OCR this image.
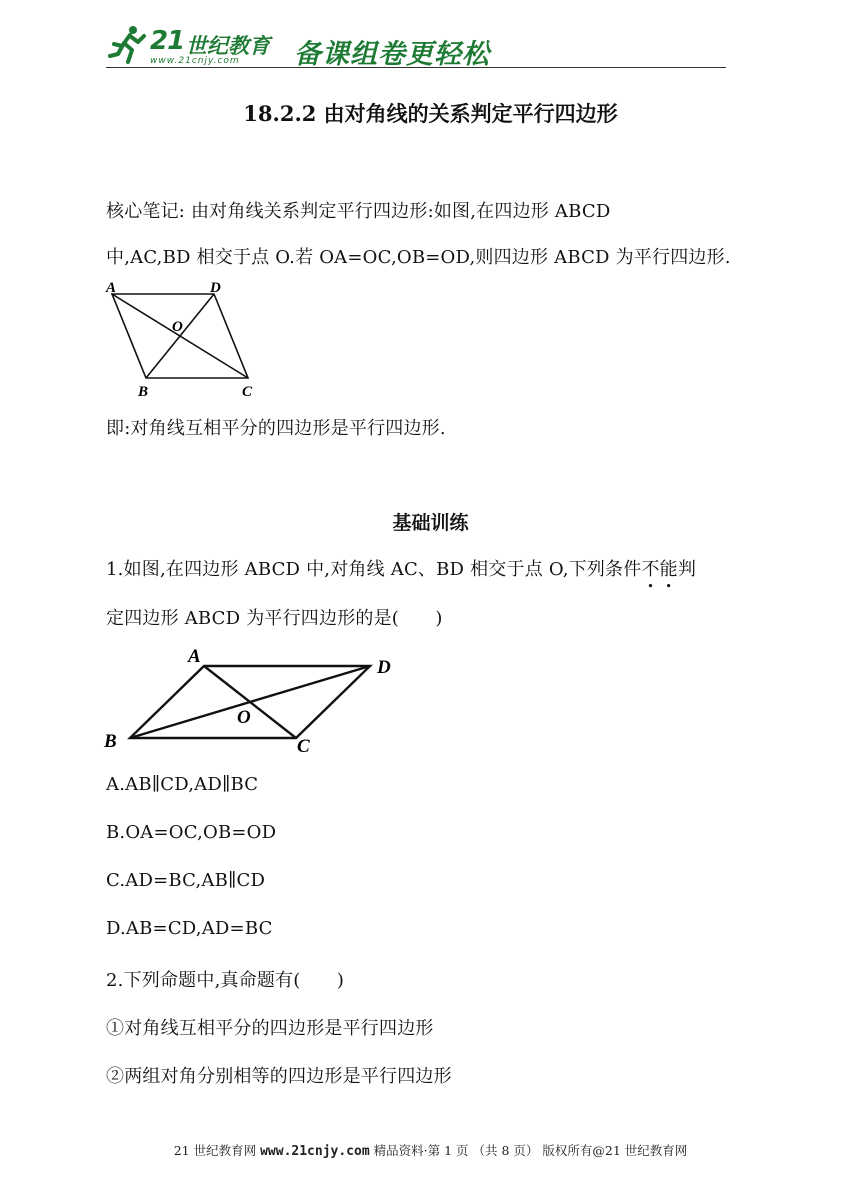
21 世纪教育
www.21cnjy.com 备课组卷更轻松
18.2.2 由对角线的关系判定平行四边形
核心笔记: 由对角线关系判定平行四边形:如图,在四边形 ABCD
中,AC,BD 相交于点 O.若 OA=OC,OB=OD,则四边形 ABCD 为平行四边形.
A	D
O
B	C
即:对角线互相平分的四边形是平行四边形.
基础训练
1.如图,在四边形 ABCD 中,对角线 AC、BD 相交于点 O,下列条件不能判
定四边形 ABCD 为平行四边形的是(　　)
A
D
O
B	C
A.AB∥CD,AD∥BC
B.OA=OC,OB=OD
C.AD=BC,AB∥CD
D.AB=CD,AD=BC
2.下列命题中,真命题有(　　)
①对角线互相平分的四边形是平行四边形
②两组对角分别相等的四边形是平行四边形
21 世纪教育网 www.21cnjy.com 精品资料·第 1 页 （共 8 页） 版权所有@21 世纪教育网
